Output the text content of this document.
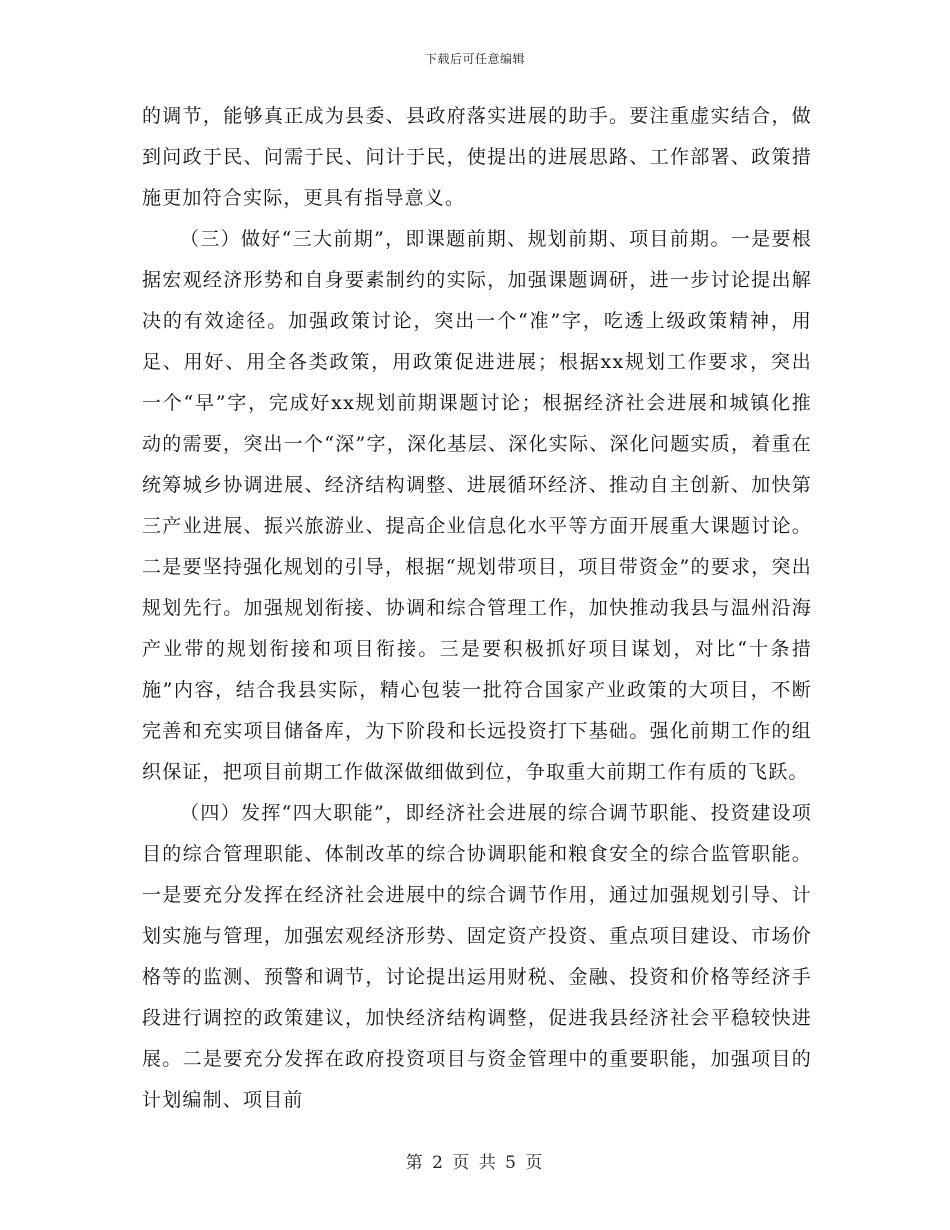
下载后可任意编辑

的调节，能够真正成为县委、县政府落实进展的助手。要注重虚实结合，做到问政于民、问需于民、问计于民，使提出的进展思路、工作部署、政策措施更加符合实际，更具有指导意义。

（三）做好“三大前期”，即课题前期、规划前期、项目前期。一是要根据宏观经济形势和自身要素制约的实际，加强课题调研，进一步讨论提出解决的有效途径。加强政策讨论，突出一个“准”字，吃透上级政策精神，用足、用好、用全各类政策，用政策促进进展；根据xx规划工作要求，突出一个“早”字，完成好xx规划前期课题讨论；根据经济社会进展和城镇化推动的需要，突出一个“深”字，深化基层、深化实际、深化问题实质，着重在统筹城乡协调进展、经济结构调整、进展循环经济、推动自主创新、加快第三产业进展、振兴旅游业、提高企业信息化水平等方面开展重大课题讨论。二是要坚持强化规划的引导，根据“规划带项目，项目带资金”的要求，突出规划先行。加强规划衔接、协调和综合管理工作，加快推动我县与温州沿海产业带的规划衔接和项目衔接。三是要积极抓好项目谋划，对比“十条措施”内容，结合我县实际，精心包装一批符合国家产业政策的大项目，不断完善和充实项目储备库，为下阶段和长远投资打下基础。强化前期工作的组织保证，把项目前期工作做深做细做到位，争取重大前期工作有质的飞跃。

（四）发挥“四大职能”，即经济社会进展的综合调节职能、投资建设项目的综合管理职能、体制改革的综合协调职能和粮食安全的综合监管职能。一是要充分发挥在经济社会进展中的综合调节作用，通过加强规划引导、计划实施与管理，加强宏观经济形势、固定资产投资、重点项目建设、市场价格等的监测、预警和调节，讨论提出运用财税、金融、投资和价格等经济手段进行调控的政策建议，加快经济结构调整，促进我县经济社会平稳较快进展。二是要充分发挥在政府投资项目与资金管理中的重要职能，加强项目的计划编制、项目前

第 2 页 共 5 页
